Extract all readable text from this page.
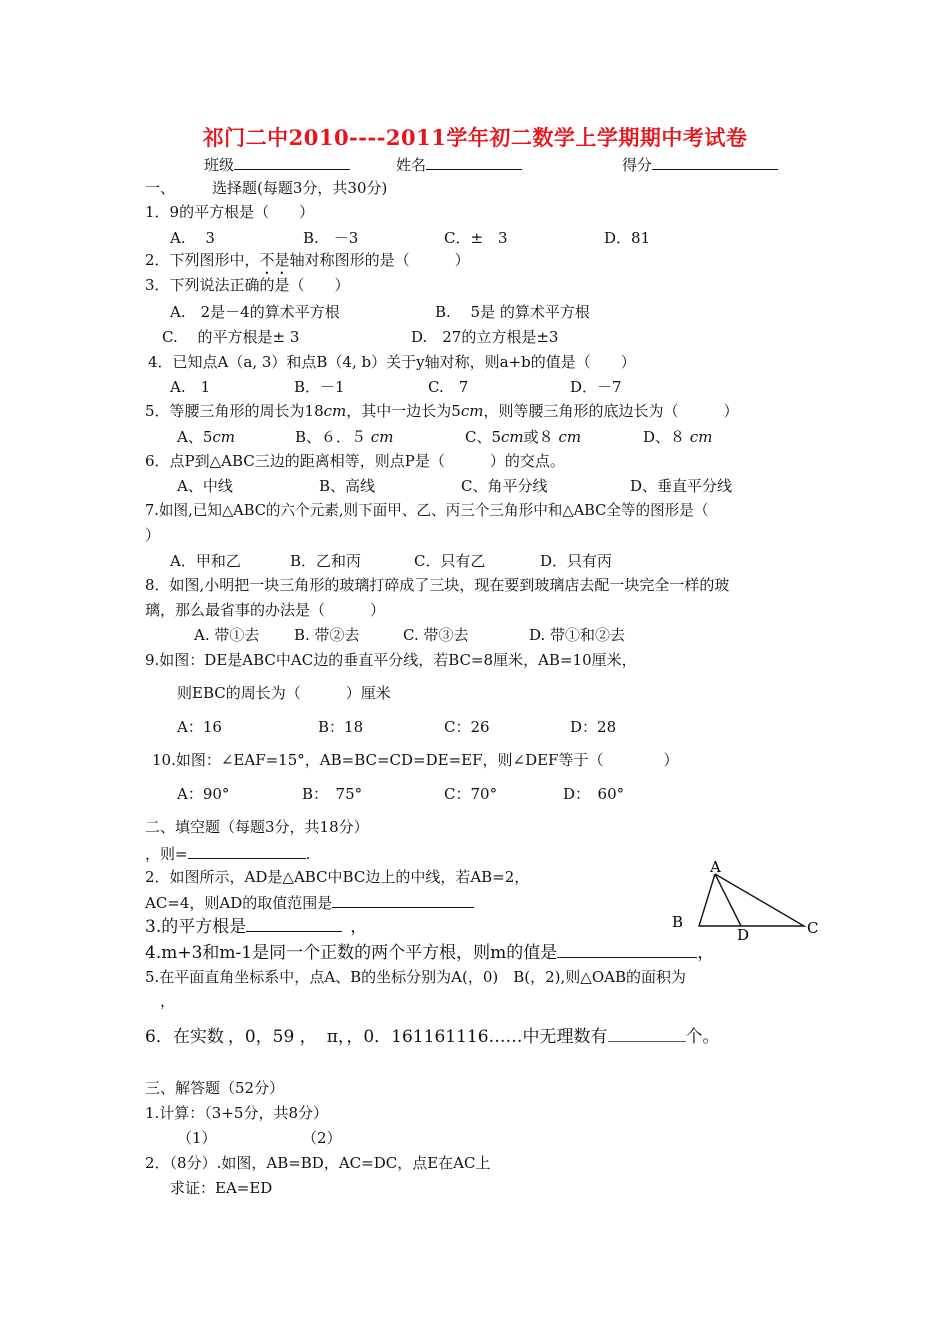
祁门二中2010----2011学年初二数学上学期期中考试卷
班级	姓名	得分
一、 选择题(每题3分，共30分)
1．9的平方根是（　　）
A.　 3	B.　－3	C．±　3	D．81
2．下列图形中，不是轴对称图形的是（　　　）
3．下列说法正确的是（　　）
A.　2是－4的算术平方根	B.　 5是 的算术平方根
C.　 的平方根是± 3	D.　27的立方根是±3
4．已知点A（a, 3）和点B（4, b）关于y轴对称，则a+b的值是（　　）
A.　1	B．－1	C.　7	D．－7
5．等腰三角形的周长为18cm，其中一边长为5cm，则等腰三角形的底边长为（　　　）
A、5cm	B、６．５ cm	C、5cm或８ cm	D、８ cm
6．点P到△ABC三边的距离相等，则点P是（　　　）的交点。
A、中线	B、高线	C、角平分线	D、垂直平分线
7.如图,已知△ABC的六个元素,则下面甲、乙、丙三个三角形中和△ABC全等的图形是（
）
A．甲和乙	B．乙和丙	C．只有乙	D．只有丙
8．如图,小明把一块三角形的玻璃打碎成了三块，现在要到玻璃店去配一块完全一样的玻
璃，那么最省事的办法是（　　　）
A. 带①去 B. 带②去	C. 带③去	D. 带①和②去
9.如图：DE是ABC中AC边的垂直平分线，若BC=8厘米，AB=10厘米，
则EBC的周长为（　　　）厘米
A：16	B：18	C：26	D：28
10.如图：∠EAF=15°，AB=BC=CD=DE=EF，则∠DEF等于（　　　　）
A：90°	B：　75°	C：70°	D：　60°
二、填空题（每题3分，共18分）
，则=	.
2．如图所示，AD是△ABC中BC边上的中线，若AB=2，
AC=4，则AD的取值范围是
3.的平方根是	，
4.m+3和m-1是同一个正数的两个平方根，则m的值是	，
5.在平面直角坐标系中，点A、B的坐标分别为A(，0)　B(，2),则△OAB的面积为
，
6．在实数 ，0，59 ， π，，0．161161116……中无理数有	个。
A
B
D	C
三、解答题（52分）
1.计算：（3+5分，共8分）
（1）	（2）
2．（8分）.如图，AB=BD，AC=DC，点E在AC上
求证：EA=ED
